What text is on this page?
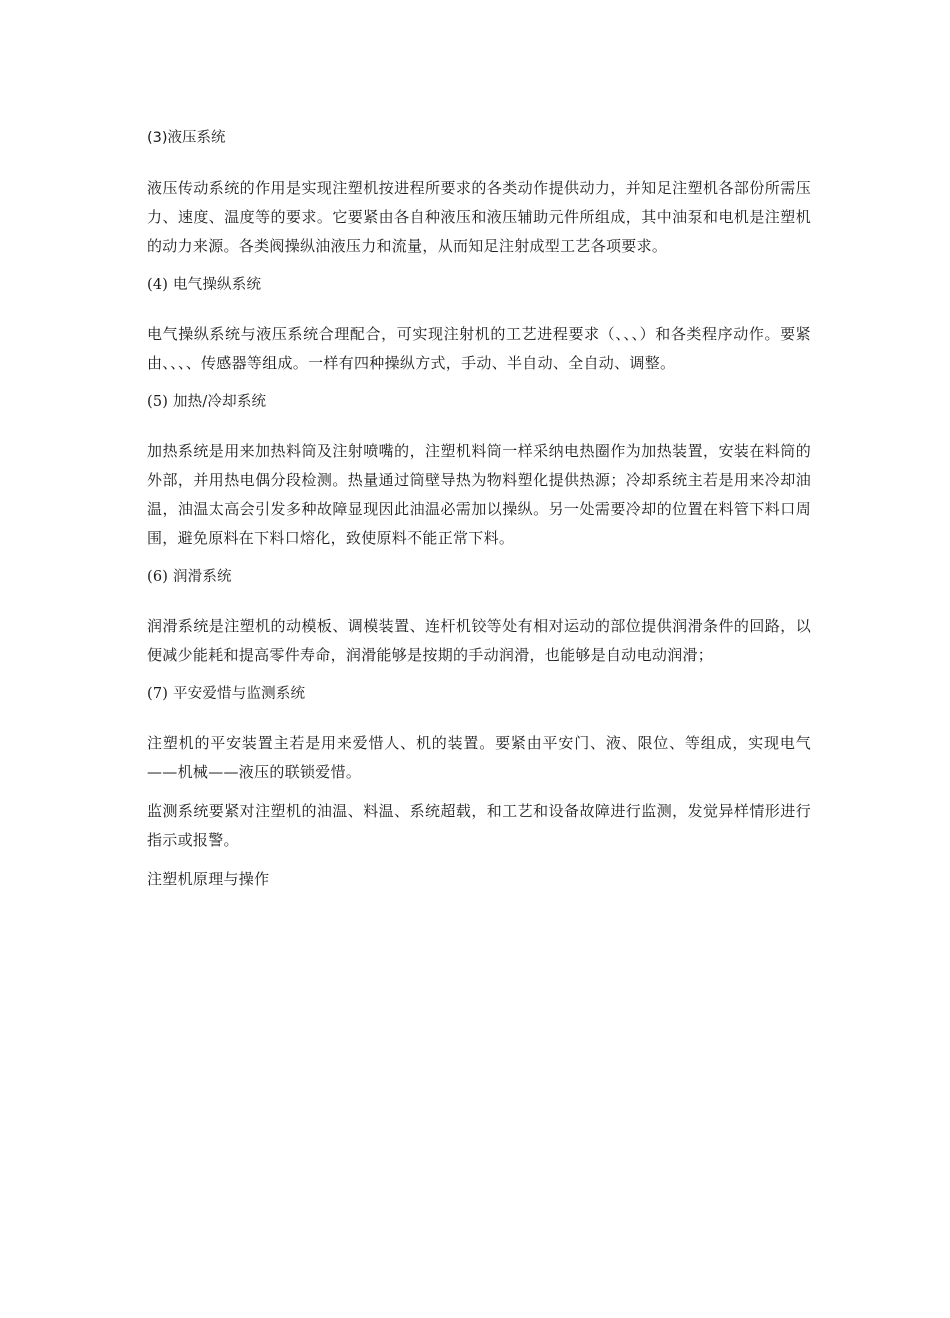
(3)液压系统

液压传动系统的作用是实现注塑机按进程所要求的各类动作提供动力，并知足注塑机各部份所需压力、速度、温度等的要求。它要紧由各自种液压和液压辅助元件所组成，其中油泵和电机是注塑机的动力来源。各类阀操纵油液压力和流量，从而知足注射成型工艺各项要求。

(4) 电气操纵系统

电气操纵系统与液压系统合理配合，可实现注射机的工艺进程要求（、、、）和各类程序动作。要紧由、、、、传感器等组成。一样有四种操纵方式，手动、半自动、全自动、调整。

(5) 加热/冷却系统

加热系统是用来加热料筒及注射喷嘴的，注塑机料筒一样采纳电热圈作为加热装置，安装在料筒的外部，并用热电偶分段检测。热量通过筒壁导热为物料塑化提供热源；冷却系统主若是用来冷却油温，油温太高会引发多种故障显现因此油温必需加以操纵。另一处需要冷却的位置在料管下料口周围，避免原料在下料口熔化，致使原料不能正常下料。

(6) 润滑系统

润滑系统是注塑机的动模板、调模装置、连杆机铰等处有相对运动的部位提供润滑条件的回路，以便减少能耗和提高零件寿命，润滑能够是按期的手动润滑，也能够是自动电动润滑；

(7) 平安爱惜与监测系统

注塑机的平安装置主若是用来爱惜人、机的装置。要紧由平安门、液、限位、等组成，实现电气——机械——液压的联锁爱惜。

监测系统要紧对注塑机的油温、料温、系统超载，和工艺和设备故障进行监测，发觉异样情形进行指示或报警。

注塑机原理与操作
